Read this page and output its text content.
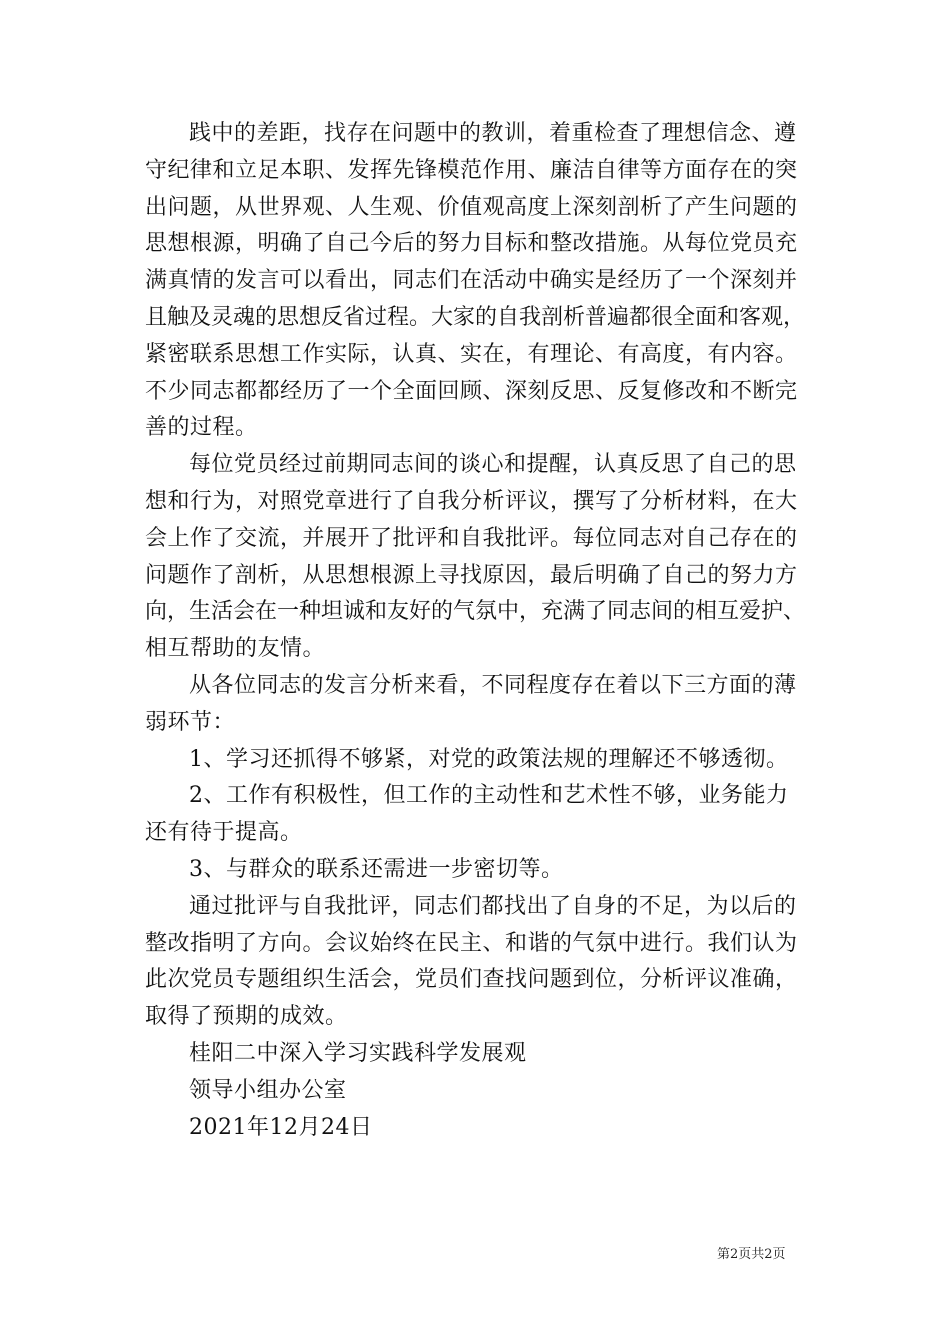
践中的差距，找存在问题中的教训，着重检查了理想信念、遵
守纪律和立足本职、发挥先锋模范作用、廉洁自律等方面存在的突
出问题，从世界观、人生观、价值观高度上深刻剖析了产生问题的
思想根源，明确了自己今后的努力目标和整改措施。从每位党员充
满真情的发言可以看出，同志们在活动中确实是经历了一个深刻并
且触及灵魂的思想反省过程。大家的自我剖析普遍都很全面和客观，
紧密联系思想工作实际，认真、实在，有理论、有高度，有内容。
不少同志都都经历了一个全面回顾、深刻反思、反复修改和不断完
善的过程。
每位党员经过前期同志间的谈心和提醒，认真反思了自己的思
想和行为，对照党章进行了自我分析评议，撰写了分析材料，在大
会上作了交流，并展开了批评和自我批评。每位同志对自己存在的
问题作了剖析，从思想根源上寻找原因，最后明确了自己的努力方
向，生活会在一种坦诚和友好的气氛中，充满了同志间的相互爱护、
相互帮助的友情。
从各位同志的发言分析来看，不同程度存在着以下三方面的薄
弱环节：
1、学习还抓得不够紧，对党的政策法规的理解还不够透彻。
2、工作有积极性，但工作的主动性和艺术性不够，业务能力
还有待于提高。
3、与群众的联系还需进一步密切等。
通过批评与自我批评，同志们都找出了自身的不足，为以后的
整改指明了方向。会议始终在民主、和谐的气氛中进行。我们认为
此次党员专题组织生活会，党员们查找问题到位，分析评议准确，
取得了预期的成效。
桂阳二中深入学习实践科学发展观
领导小组办公室
2021年12月24日
第2页共2页
